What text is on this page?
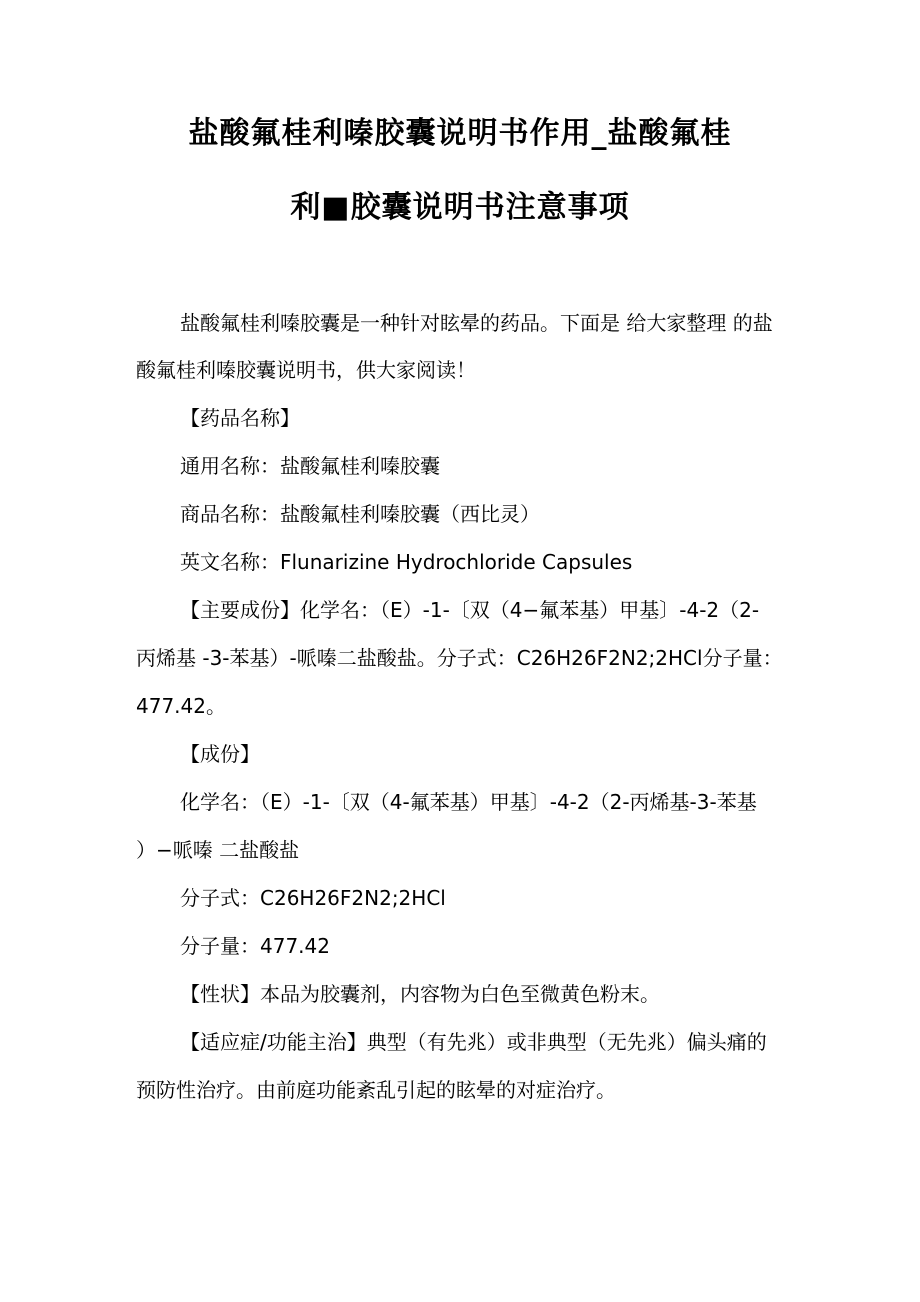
盐酸氟桂利嗪胶囊说明书作用_盐酸氟桂
利■胶囊说明书注意事项
盐酸氟桂利嗪胶囊是一种针对眩晕的药品。下面是 给大家整理 的盐
酸氟桂利嗪胶囊说明书，供大家阅读！
【药品名称】
通用名称：盐酸氟桂利嗪胶囊
商品名称：盐酸氟桂利嗪胶囊（西比灵）
英文名称：Flunarizine Hydrochloride Capsules
【主要成份】化学名：（E）-1-〔双（4−氟苯基）甲基〕-4-2（2-
丙烯基 -3-苯基）-哌嗪二盐酸盐。分子式：C26H26F2N2;2HCl分子量：
477.42。
【成份】
化学名：（E）-1-〔双（4-氟苯基）甲基〕-4-2（2-丙烯基-3-苯基
）−哌嗪 二盐酸盐
分子式：C26H26F2N2;2HCl
分子量：477.42
【性状】本品为胶囊剂，内容物为白色至微黄色粉末。
【适应症/功能主治】典型（有先兆）或非典型（无先兆）偏头痛的
预防性治疗。由前庭功能紊乱引起的眩晕的对症治疗。
